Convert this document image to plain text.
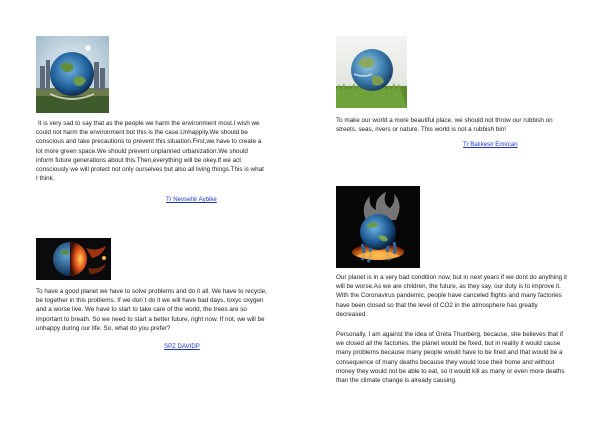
It is very sad to say that as the people we harm the environment most.I wish we could not harm the environment but this is the case.Unhappily.We should be conscious and take precautions to prevent this situation.First,we have to create a lot more green space.We should prevent unplanned urbanization.We should inform future generations about this.Then,everything will be okey.If we act consciously we will protect not only ourselves but also all living things.This is what I think.

Tr Nevsehir Aybike

To make our world a more beautiful place, we should not throw our rubbish on streets, seas, rivers or nature. This world is not a rubbish bin!

Tr Balıkesir Emircan

To have a good planet we have to solve problems and do it all. We have to recycle, be together in this problems. If we don`t do it we will have bad days, toxyc oxygen and a worse live. We have to start to take care of the world, the trees are so important to breath. So we need to start a better future, right now. If not, we will be unhappy during our life. So, what do you prefer?

SPZ DAVIDP

Our planet is in a very bad condition now, but in next years if we dont do anything it will be worse.As we are children, the future, as they say, our duty is to improve it. With the Coronavirus pandemic, people have canceled flights and many factories have been closed so that the level of CO2 in the atmosphere has greatly decreased.

Personally, I am against the idea of Greta Thunberg, because, she believes that if we closed all the factories, the planet would be fixed, but in reality it would cause many problems because many people would have to be fired and that would be a consequence of many deaths because they would lose their home and without money they would not be able to eat, so it would kill as many or even more deaths than the climate change is already causing.
